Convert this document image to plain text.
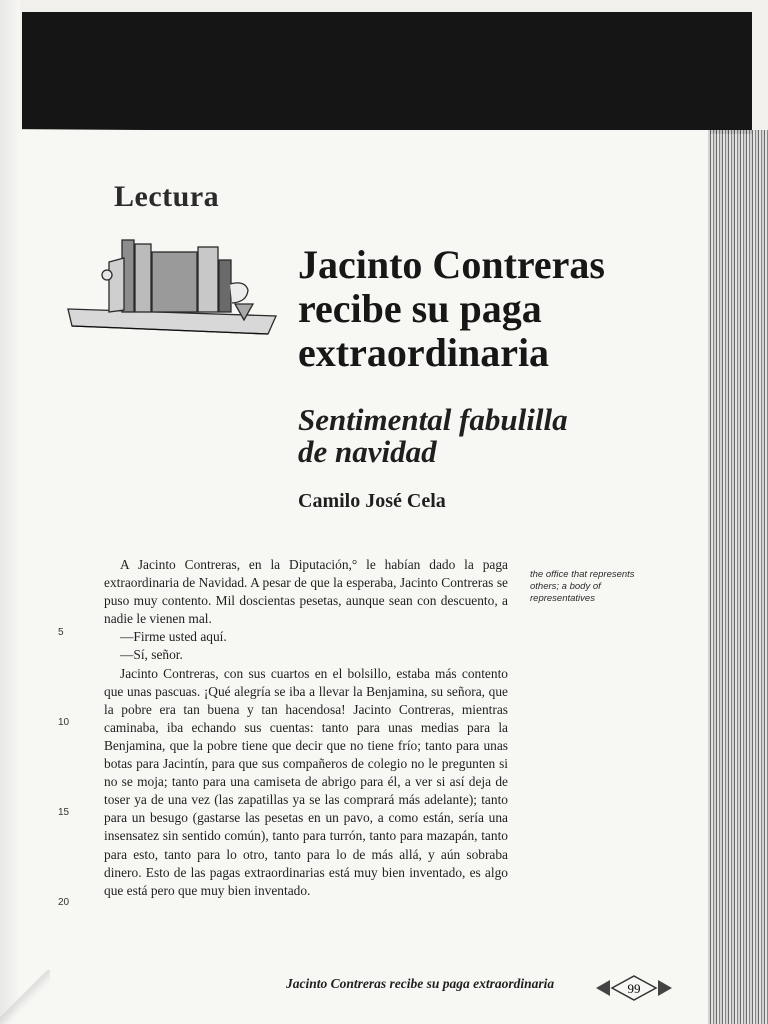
Lectura
Jacinto Contreras
recibe su paga
extraordinaria
Sentimental fabulilla
de navidad
Camilo José Cela

A Jacinto Contreras, en la Diputación,° le habían dado la paga extraordinaria de Navidad. A pesar de que la esperaba, Jacinto Contreras se puso muy contento. Mil doscientas pesetas, aunque sean con descuento, a nadie le vienen mal.

—Firme usted aquí.

—Sí, señor.

Jacinto Contreras, con sus cuartos en el bolsillo, estaba más contento que unas pascuas. ¡Qué alegría se iba a llevar la Benjamina, su señora, que la pobre era tan buena y tan hacendosa! Jacinto Contreras, mientras caminaba, iba echando sus cuentas: tanto para unas medias para la Benjamina, que la pobre tiene que decir que no tiene frío; tanto para unas botas para Jacintín, para que sus compañeros de colegio no le pregunten si no se moja; tanto para una camiseta de abrigo para él, a ver si así deja de toser ya de una vez (las zapatillas ya se las comprará más adelante); tanto para un besugo (gastarse las pesetas en un pavo, a como están, sería una insensatez sin sentido común), tanto para turrón, tanto para mazapán, tanto para esto, tanto para lo otro, tanto para lo de más allá, y aún sobraba dinero. Esto de las pagas extraordinarias está muy bien inventado, es algo que está pero que muy bien inventado.

5
10
15
20
the office that represents others; a body of representatives
Jacinto Contreras recibe su paga extraordinaria	99
